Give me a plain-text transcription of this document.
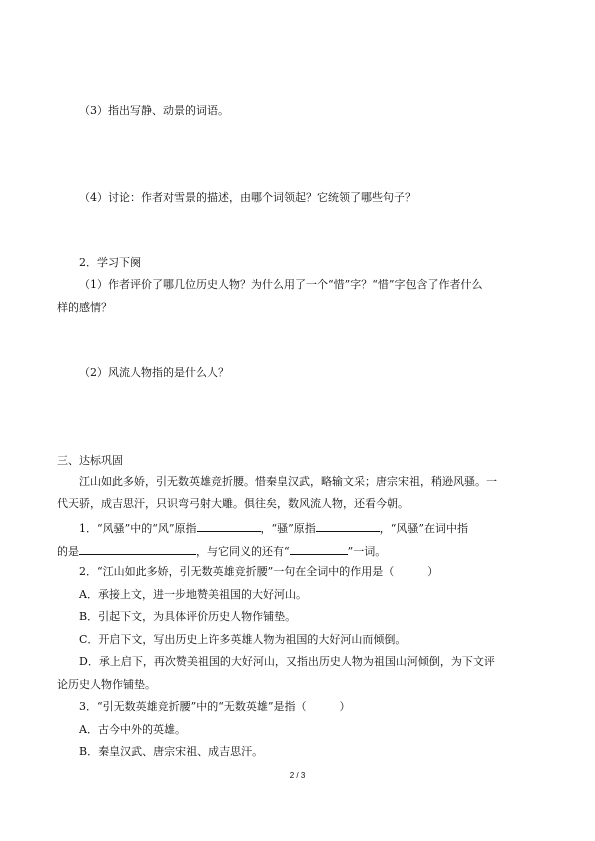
（3）指出写静、动景的词语。
（4）讨论：作者对雪景的描述，由哪个词领起？它统领了哪些句子？
2．学习下阕
（1）作者评价了哪几位历史人物？为什么用了一个“惜”字？“惜”字包含了作者什么
样的感情？
（2）风流人物指的是什么人？
三、达标巩固
江山如此多娇，引无数英雄竞折腰。惜秦皇汉武，略输文采；唐宗宋祖，稍逊风骚。一
代天骄，成吉思汗，只识弯弓射大雕。俱往矣，数风流人物，还看今朝。
1．“风骚”中的“风”原指	，“骚”原指	，“风骚”在词中指
的是	，与它同义的还有“	”一词。
2．“江山如此多娇，引无数英雄竞折腰”一句在全词中的作用是（　　　）
A．承接上文，进一步地赞美祖国的大好河山。
B．引起下文，为具体评价历史人物作铺垫。
C．开启下文，写出历史上许多英雄人物为祖国的大好河山而倾倒。
D．承上启下，再次赞美祖国的大好河山，又指出历史人物为祖国山河倾倒，为下文评
论历史人物作铺垫。
3．“引无数英雄竞折腰”中的“无数英雄”是指（　　　）
A．古今中外的英雄。
B．秦皇汉武、唐宗宋祖、成吉思汗。
2 / 3
